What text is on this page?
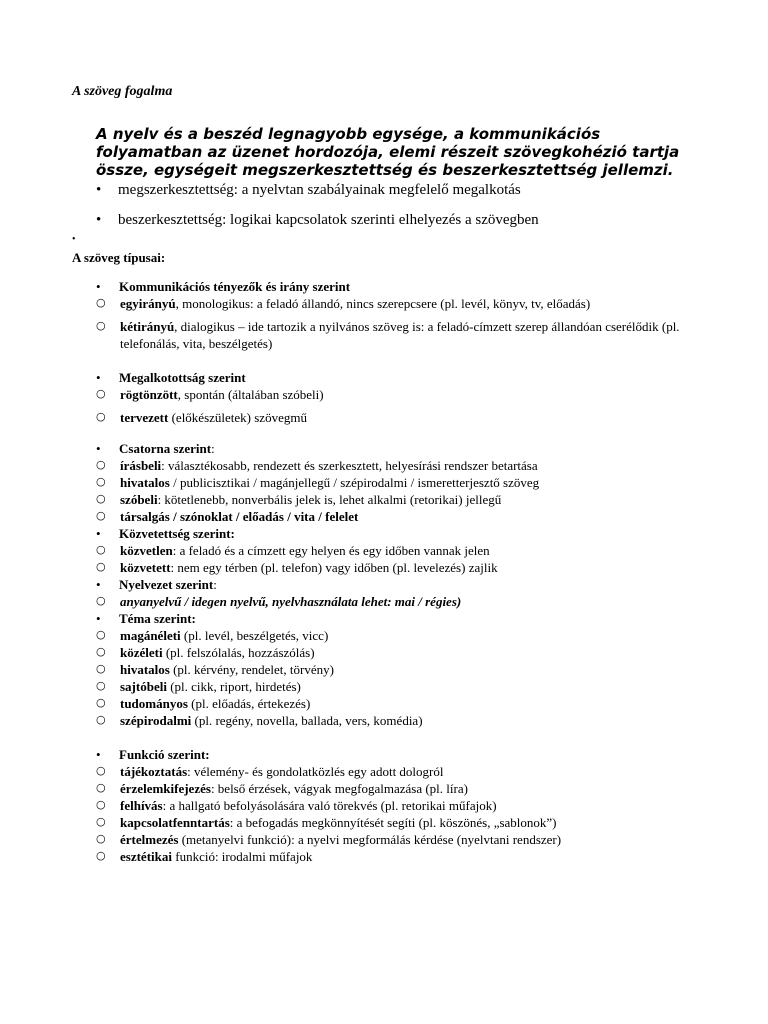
A szöveg fogalma
A nyelv és a beszéd legnagyobb egysége, a kommunikációs folyamatban az üzenet hordozója, elemi részeit szövegkohézió tartja össze, egységeit megszerkesztettség és beszerkesztettség jellemzi.
• megszerkesztettség: a nyelvtan szabályainak megfelelő megalkotás
• beszerkesztettség: logikai kapcsolatok szerinti elhelyezés a szövegben
•
A szöveg típusai:
• Kommunikációs tényezők és irány szerint
○ egyirányú, monologikus: a feladó állandó, nincs szerepcsere (pl. levél, könyv, tv, előadás)
○ kétirányú, dialogikus – ide tartozik a nyilvános szöveg is: a feladó-címzett szerep állandóan cserélődik (pl. telefonálás, vita, beszélgetés)
• Megalkotottság szerint
○ rögtönzött, spontán (általában szóbeli)
○ tervezett (előkészületek) szövegmű
• Csatorna szerint:
○ írásbeli: választékosabb, rendezett és szerkesztett, helyesírási rendszer betartása
○ hivatalos / publicisztikai / magánjellegű / szépirodalmi / ismeretterjesztő szöveg
○ szóbeli: kötetlenebb, nonverbális jelek is, lehet alkalmi (retorikai) jellegű
○ társalgás / szónoklat / előadás / vita / felelet
• Közvetettség szerint:
○ közvetlen: a feladó és a címzett egy helyen és egy időben vannak jelen
○ közvetett: nem egy térben (pl. telefon) vagy időben (pl. levelezés) zajlik
• Nyelvezet szerint:
○ anyanyelvű / idegen nyelvű, nyelvhasználata lehet: mai / régies)
• Téma szerint:
○ magánéleti (pl. levél, beszélgetés, vicc)
○ közéleti (pl. felszólalás, hozzászólás)
○ hivatalos (pl. kérvény, rendelet, törvény)
○ sajtóbeli (pl. cikk, riport, hirdetés)
○ tudományos (pl. előadás, értekezés)
○ szépirodalmi (pl. regény, novella, ballada, vers, komédia)
• Funkció szerint:
○ tájékoztatás: vélemény- és gondolatközlés egy adott dologról
○ érzelemkifejezés: belső érzések, vágyak megfogalmazása (pl. líra)
○ felhívás: a hallgató befolyásolására való törekvés (pl. retorikai műfajok)
○ kapcsolatfenntartás: a befogadás megkönnyítését segíti (pl. köszönés, „sablonok”)
○ értelmezés (metanyelvi funkció): a nyelvi megformálás kérdése (nyelvtani rendszer)
○ esztétikai funkció: irodalmi műfajok
